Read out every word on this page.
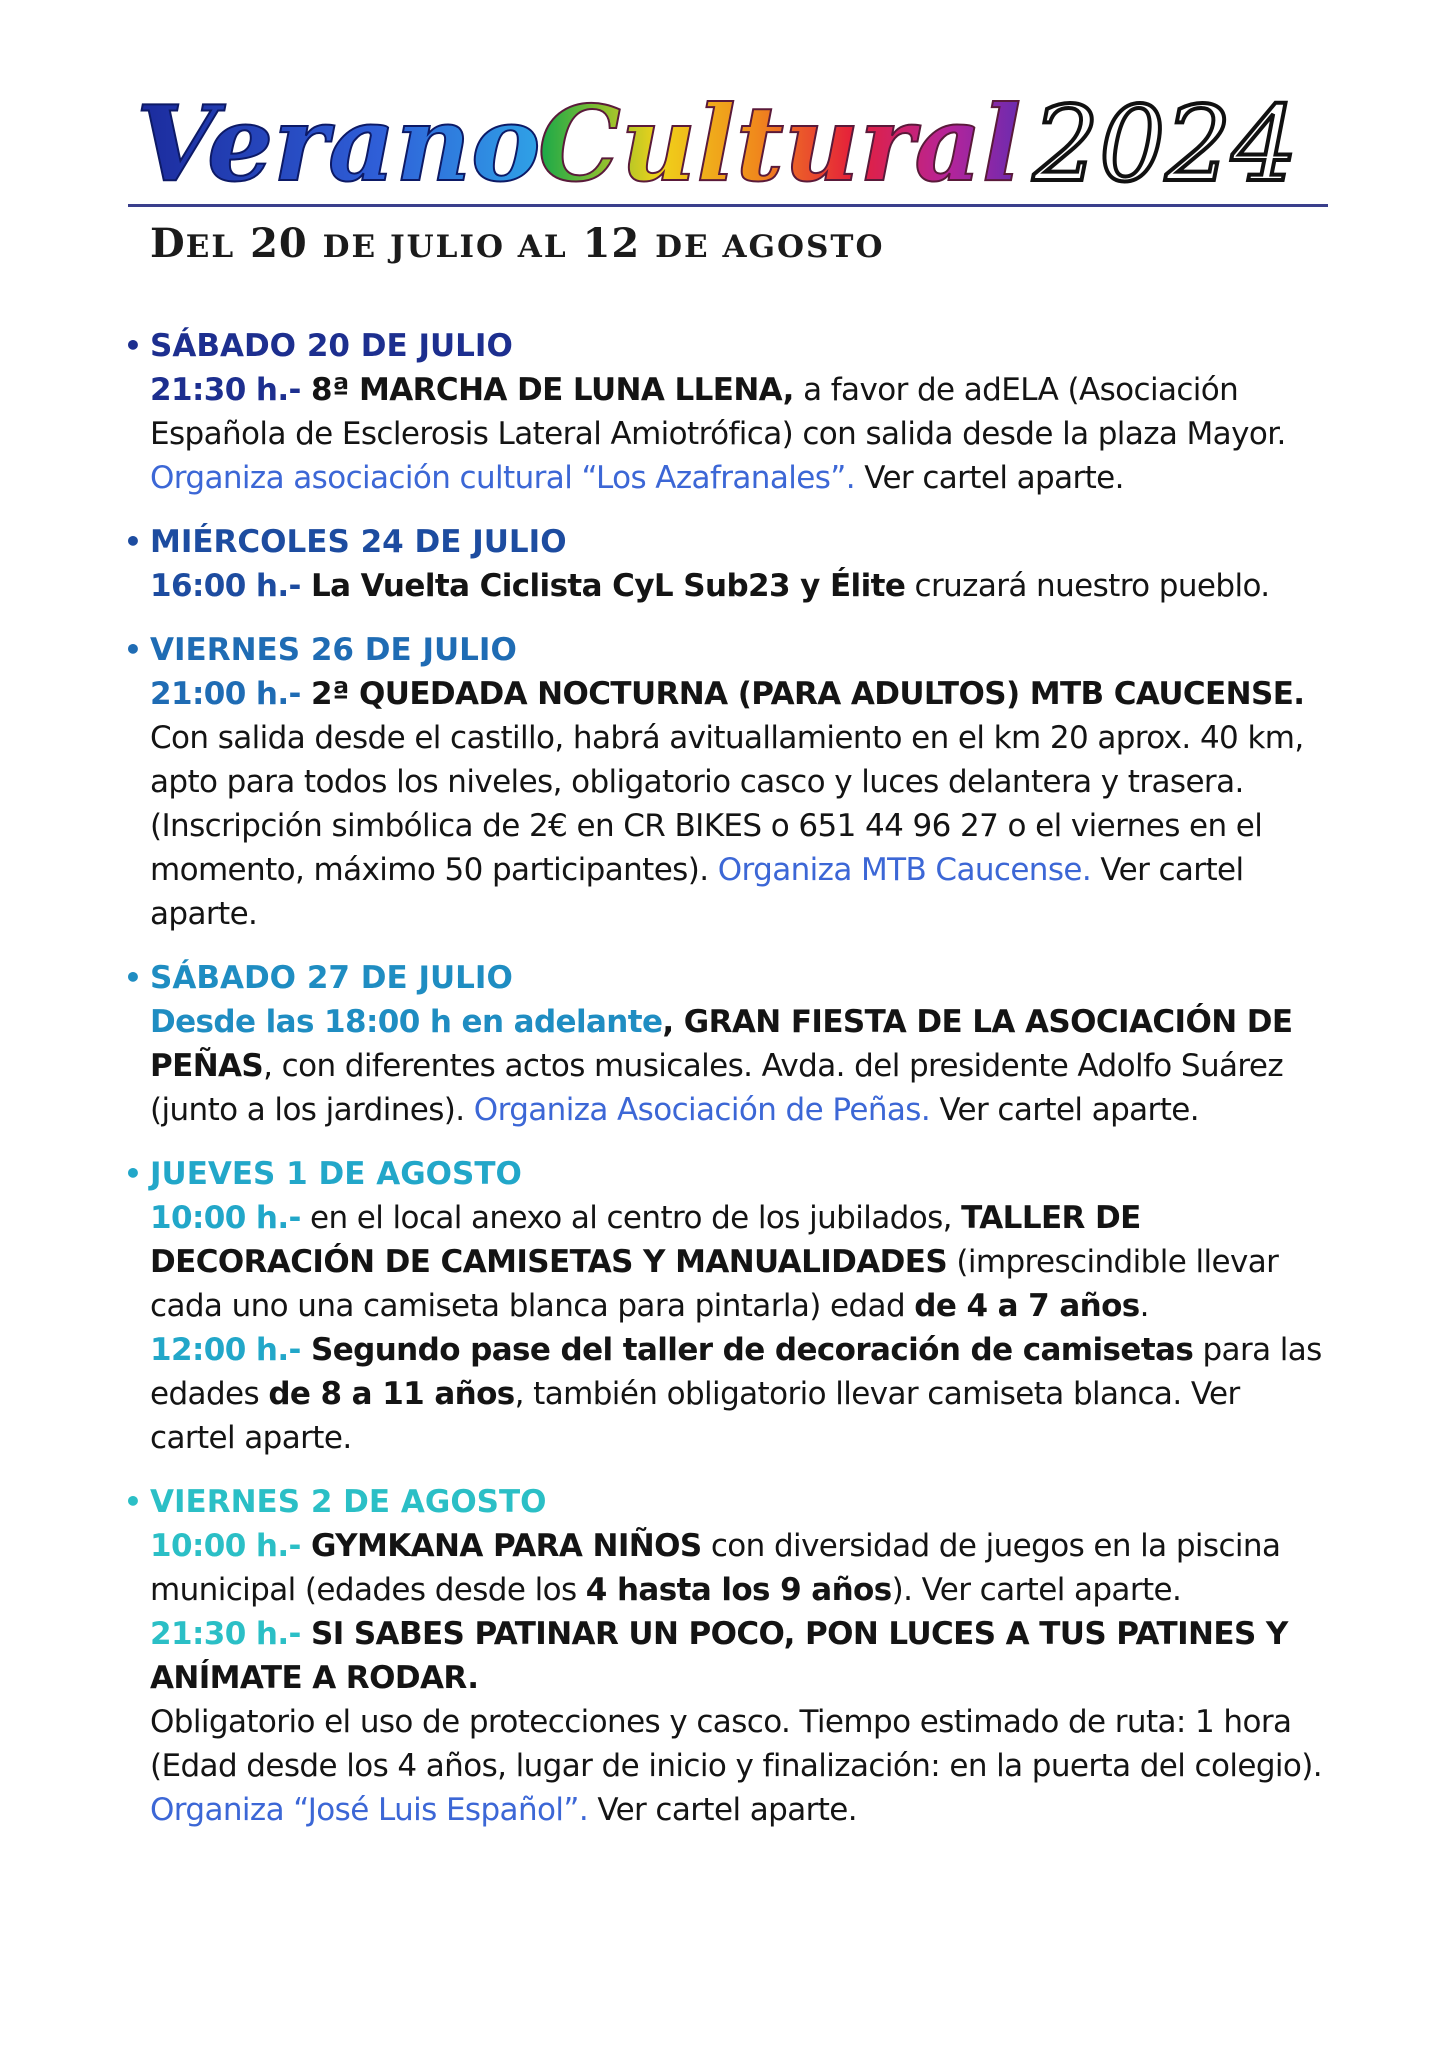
Verano
Cultural 2024
DEL 20 DE JULIO AL 12 DE AGOSTO
• SÁBADO 20 DE JULIO
21:30 h.- 8ª MARCHA DE LUNA LLENA, a favor de adELA (Asociación Española de Esclerosis Lateral Amiotrófica) con salida desde la plaza Mayor. Organiza asociación cultural “Los Azafranales”. Ver cartel aparte.
• MIÉRCOLES 24 DE JULIO
16:00 h.- La Vuelta Ciclista CyL Sub23 y Élite cruzará nuestro pueblo.
• VIERNES 26 DE JULIO
21:00 h.- 2ª QUEDADA NOCTURNA (PARA ADULTOS) MTB CAUCENSE. Con salida desde el castillo, habrá avituallamiento en el km 20 aprox. 40 km, apto para todos los niveles, obligatorio casco y luces delantera y trasera. (Inscripción simbólica de 2€ en CR BIKES o 651 44 96 27 o el viernes en el momento, máximo 50 participantes). Organiza MTB Caucense. Ver cartel aparte.
• SÁBADO 27 DE JULIO
Desde las 18:00 h en adelante, GRAN FIESTA DE LA ASOCIACIÓN DE PEÑAS, con diferentes actos musicales. Avda. del presidente Adolfo Suárez (junto a los jardines). Organiza Asociación de Peñas. Ver cartel aparte.
• JUEVES 1 DE AGOSTO
10:00 h.- en el local anexo al centro de los jubilados, TALLER DE DECORACIÓN DE CAMISETAS Y MANUALIDADES (imprescindible llevar cada uno una camiseta blanca para pintarla) edad de 4 a 7 años.
12:00 h.- Segundo pase del taller de decoración de camisetas para las edades de 8 a 11 años, también obligatorio llevar camiseta blanca. Ver cartel aparte.
• VIERNES 2 DE AGOSTO
10:00 h.- GYMKANA PARA NIÑOS con diversidad de juegos en la piscina municipal (edades desde los 4 hasta los 9 años). Ver cartel aparte.
21:30 h.- SI SABES PATINAR UN POCO, PON LUCES A TUS PATINES Y ANÍMATE A RODAR.
Obligatorio el uso de protecciones y casco. Tiempo estimado de ruta: 1 hora (Edad desde los 4 años, lugar de inicio y finalización: en la puerta del colegio). Organiza “José Luis Español”. Ver cartel aparte.
